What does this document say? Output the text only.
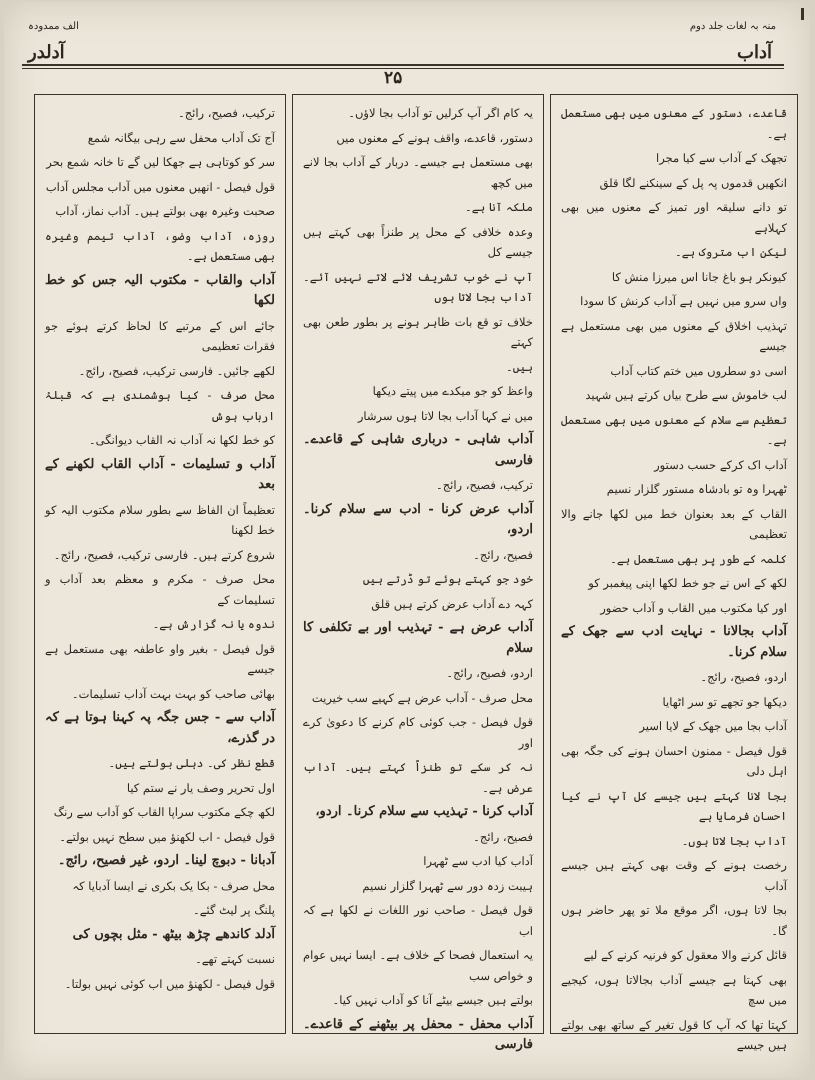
منہ بہ لغات جلد دوم
الف ممدودہ
آداب
آدلدر
۲۵

قاعدے، دستور کے معنوں میں بھی مستعمل ہے۔

تجھک کے آداب سے کیا مجرا

انکھیں قدموں پہ پل کے سینکنے لگا قلق

تو دانے سلیقہ اور تمیز کے معنوں میں بھی کہلاہے

لیکن اب متروک ہے۔

کیونکر ہو باغ جانا اس میرزا منش کا

واں سرو میں نہیں ہے آداب کرنش کا سودا

تہذیب اخلاق کے معنوں میں بھی مستعمل ہے جیسے

اسی دو سطروں میں ختم کتاب آداب

لب خاموش سے طرح بیاں کرتے ہیں شہید

تعظیم سے سلام کے معنوں میں بھی مستعمل ہے۔

آداب اک کرکے حسب دستور

ٹھہرا وہ تو بادشاہ مستور گلزار نسیم

القاب کے بعد بعنوان خط میں لکھا جانے والا تعظیمی

کلمہ کے طور پر بھی مستعمل ہے۔

لکھ کے اس نے جو خط لکھا اپنی پیغمبر کو

اور کیا مکتوب میں القاب و آداب حضور

آداب بجالانا - نہایت ادب سے جھک کے سلام کرنا۔

اردو، فصیح، رائج۔

دیکھا جو تجھے تو سر اٹھایا

آداب بجا میں جھک کے لایا اسیر

قول فیصل - ممنون احسان ہونے کی جگہ بھی اہل دلی

بجا لانا کہتے ہیں جیسے کل آپ نے کیا احسان فرمایا ہے

آداب بجا لاتا ہوں۔

رخصت ہونے کے وقت بھی کہتے ہیں جیسے آداب

بجا لاتا ہوں، اگر موقع ملا تو پھر حاضر ہوں گا۔

قائل کرنے والا معقول کو فرنیہ کرنے کے لیے

بھی کہتا ہے جیسے آداب بجالاتا ہوں، کیجیے میں سچ

کہتا تھا کہ آپ کا قول تغیر کے ساتھ بھی بولتے ہیں جیسے

یہ کام اگر آپ کرلیں تو آداب بجا لاؤں۔

دستور، قاعدے، واقف ہونے کے معنوں میں

بھی مستعمل ہے جیسے۔ دربار کے آداب بجا لانے میں کچھ

ملکہ آنا ہے۔

وعدہ خلافی کے محل پر طنزاً بھی کہتے ہیں جیسے کل

آپ نے خوب تشریف لائے لاتے نہیں آئے۔ آداب بجا لاتا ہوں

خلاف تو قع بات ظاہر ہونے پر بطور طعن بھی کہتے

ہیں۔

واعظ کو جو میکدے میں پیتے دیکھا

میں نے کہا آداب بجا لاتا ہوں سرشار

آداب شاہی - درباری شاہی کے قاعدے۔ فارسی

ترکیب، فصیح، رائج۔

آداب عرض کرنا - ادب سے سلام کرنا۔ اردو،

فصیح، رائج۔

خود جو کہتے ہوئے تو ڈرتے ہیں

کہہ دے آداب عرض کرتے ہیں قلق

آداب عرض ہے - تہذیب اور بے تکلفی کا سلام

اردو، فصیح، رائج۔

محل صرف - آداب عرض ہے کہیے سب خیریت

قول فیصل - جب کوئی کام کرنے کا دعویٰ کرے اور

نہ کر سکے تو طنزاً کہتے ہیں۔ آداب عرض ہے۔

آداب کرنا - تہذیب سے سلام کرنا۔ اردو،

فصیح، رائج۔

آداب کیا ادب سے ٹھہرا

ہیبت زدہ دور سے ٹھہرا گلزار نسیم

قول فیصل - صاحب نور اللغات نے لکھا ہے کہ اب

یہ استعمال فصحا کے خلاف ہے۔ ایسا نہیں عوام و خواص سب

بولتے ہیں جیسے بیٹے آنا کو آداب نہیں کیا۔

آداب محفل - محفل پر بیٹھنے کے قاعدے۔ فارسی

ترکیب، فصیح، رائج۔

آج تک آداب محفل سے رہی بیگانہ شمع

سر کو کوتاہی ہے جھکا لیں گے تا خانہ شمع بحر

قول فیصل - انھیں معنوں میں آداب مجلس آداب

صحبت وغیرہ بھی بولتے ہیں۔ آداب نماز، آداب

روزہ، آداب وضو، آداب تیمم وغیرہ بھی مستعمل ہے۔

آداب والقاب - مکتوب الیہ جس کو خط لکھا

جائے اس کے مرتبے کا لحاظ کرتے ہوئے جو فقرات تعظیمی

لکھے جائیں۔ فارسی ترکیب، فصیح، رائج۔

محل صرف - کیا ہوشمندی ہے کہ قبلۂ ارباب ہوش

کو خط لکھا نہ آداب نہ القاب دیوانگی۔

آداب و تسلیمات - آداب القاب لکھنے کے بعد

تعظیماً ان الفاظ سے بطور سلام مکتوب الیہ کو خط لکھنا

شروع کرتے ہیں۔ فارسی ترکیب، فصیح، رائج۔

محل صرف - مکرم و معظم بعد آداب و تسلیمات کے

ندوہ یا نہ گزارش ہے۔

قول فیصل - بغیر واو عاطفہ بھی مستعمل ہے جیسے

بھائی صاحب کو بہت بہت آداب تسلیمات۔

آداب سے - جس جگہ پہ کہنا ہوتا ہے کہ در گذرے،

قطع نظر کی۔ دہلی بولتے ہیں۔

اول تحریر وصف یار نے ستم کیا

لکھ چکے مکتوب سراپا القاب کو آداب سے رنگ

قول فیصل - اب لکھنؤ میں سطح نہیں بولتے۔

آدبانا - دبوچ لینا۔ اردو، غیر فصیح، رائج۔

محل صرف - بکا یک بکری نے ایسا آدبایا کہ

پلنگ پر لیٹ گئے۔

آدلد کاندھے چڑھ بیٹھ - مثل بچوں کی

نسبت کہتے تھے۔

قول فیصل - لکھنؤ میں اب کوئی نہیں بولتا۔
